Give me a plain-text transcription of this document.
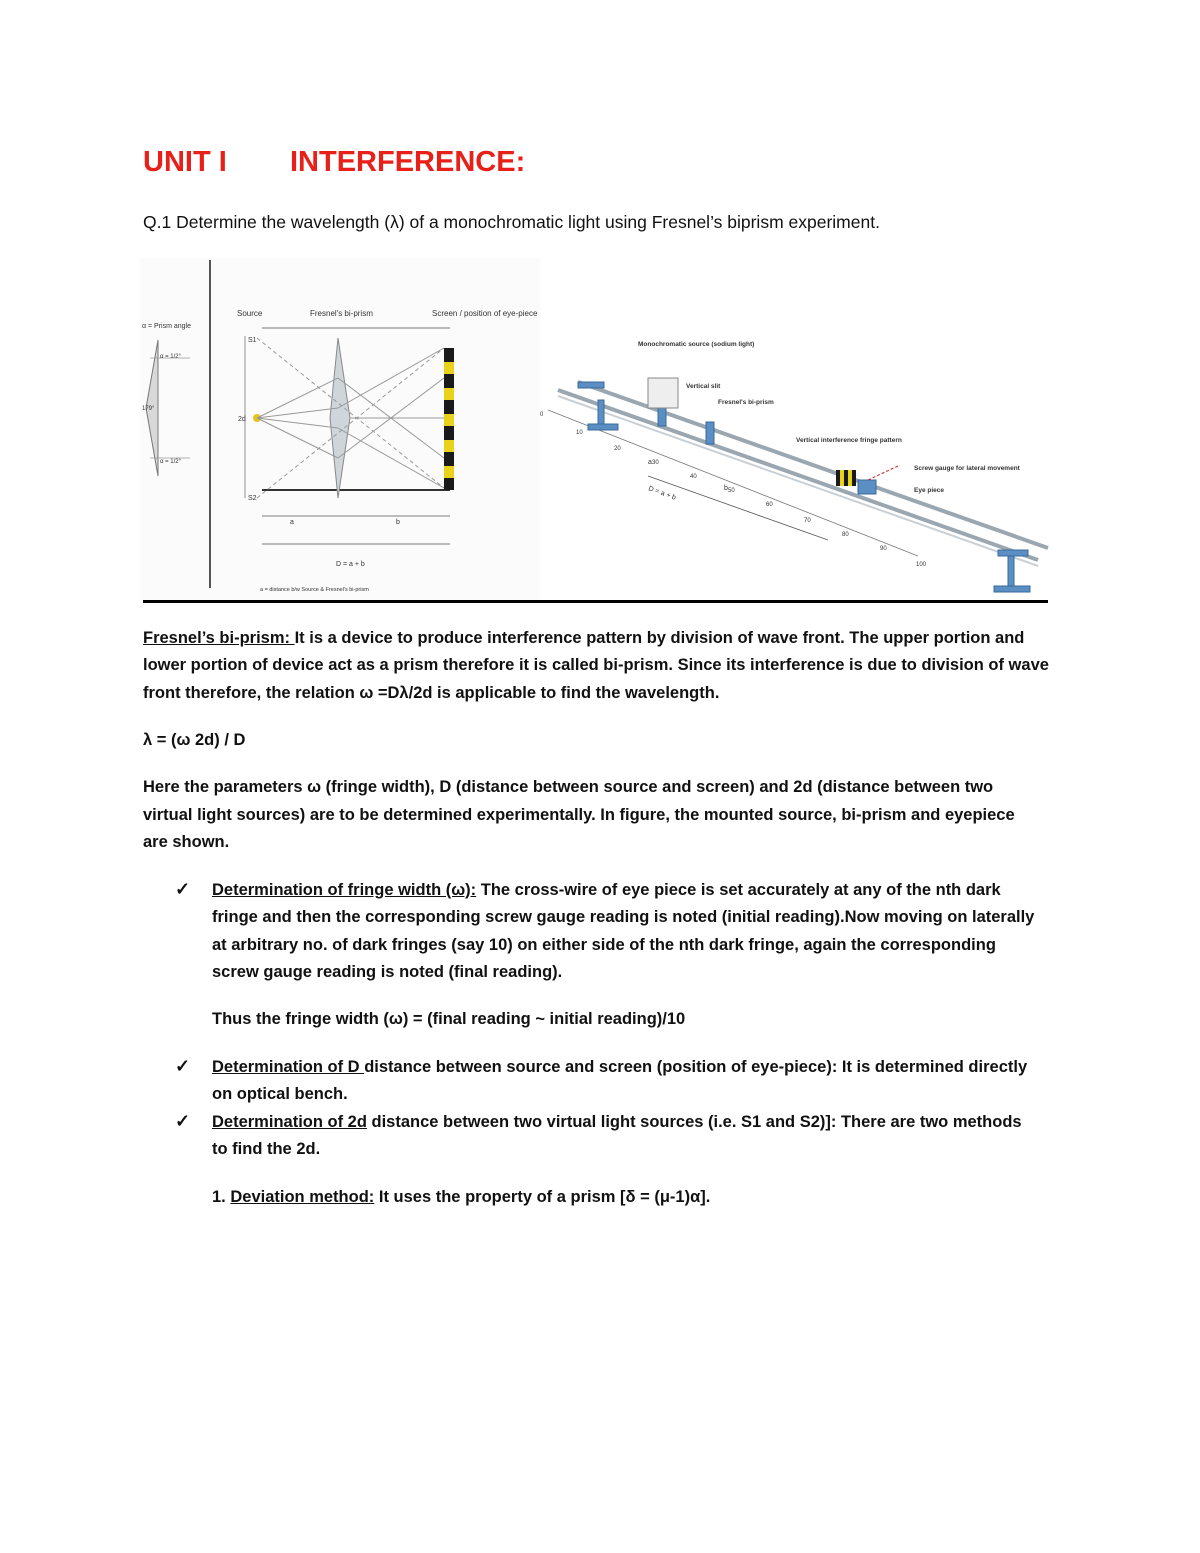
UNIT I INTERFERENCE:
Q.1 Determine the wavelength (λ) of a monochromatic light using Fresnel’s biprism experiment.
α = Prism angle
α = 1/2°
179°
α = 1/2°
Source	Fresnel's bi-prism	Screen / position of eye-piece
S1
S2
2d
a	b
D = a + b
a = distance b/w Source & Fresnel's bi-prism
0
10
20
30
40
50
60
70
80
90
100
a
b
D = a + b
Monochromatic source (sodium light)
Vertical slit
Fresnel's bi-prism
Vertical interference fringe pattern
Screw gauge for lateral movement
Eye piece
Fresnel’s bi-prism: It is a device to produce interference pattern by division of wave front. The upper portion and
lower portion of device act as a prism therefore it is called bi-prism. Since its interference is due to division of wave
front therefore, the relation ω =Dλ/2d is applicable to find the wavelength.
λ = (ω 2d) / D
Here the parameters ω (fringe width), D (distance between source and screen) and 2d (distance between two
virtual light sources) are to be determined experimentally. In figure, the mounted source, bi-prism and eyepiece
are shown.
✓ Determination of fringe width (ω): The cross-wire of eye piece is set accurately at any of the nth dark
fringe and then the corresponding screw gauge reading is noted (initial reading).Now moving on laterally
at arbitrary no. of dark fringes (say 10) on either side of the nth dark fringe, again the corresponding
screw gauge reading is noted (final reading).
Thus the fringe width (ω) = (final reading ~ initial reading)/10
✓ Determination of D distance between source and screen (position of eye-piece): It is determined directly
on optical bench.
✓ Determination of 2d distance between two virtual light sources (i.e. S1 and S2)]: There are two methods
to find the 2d.
1. Deviation method: It uses the property of a prism [δ = (μ-1)α].
